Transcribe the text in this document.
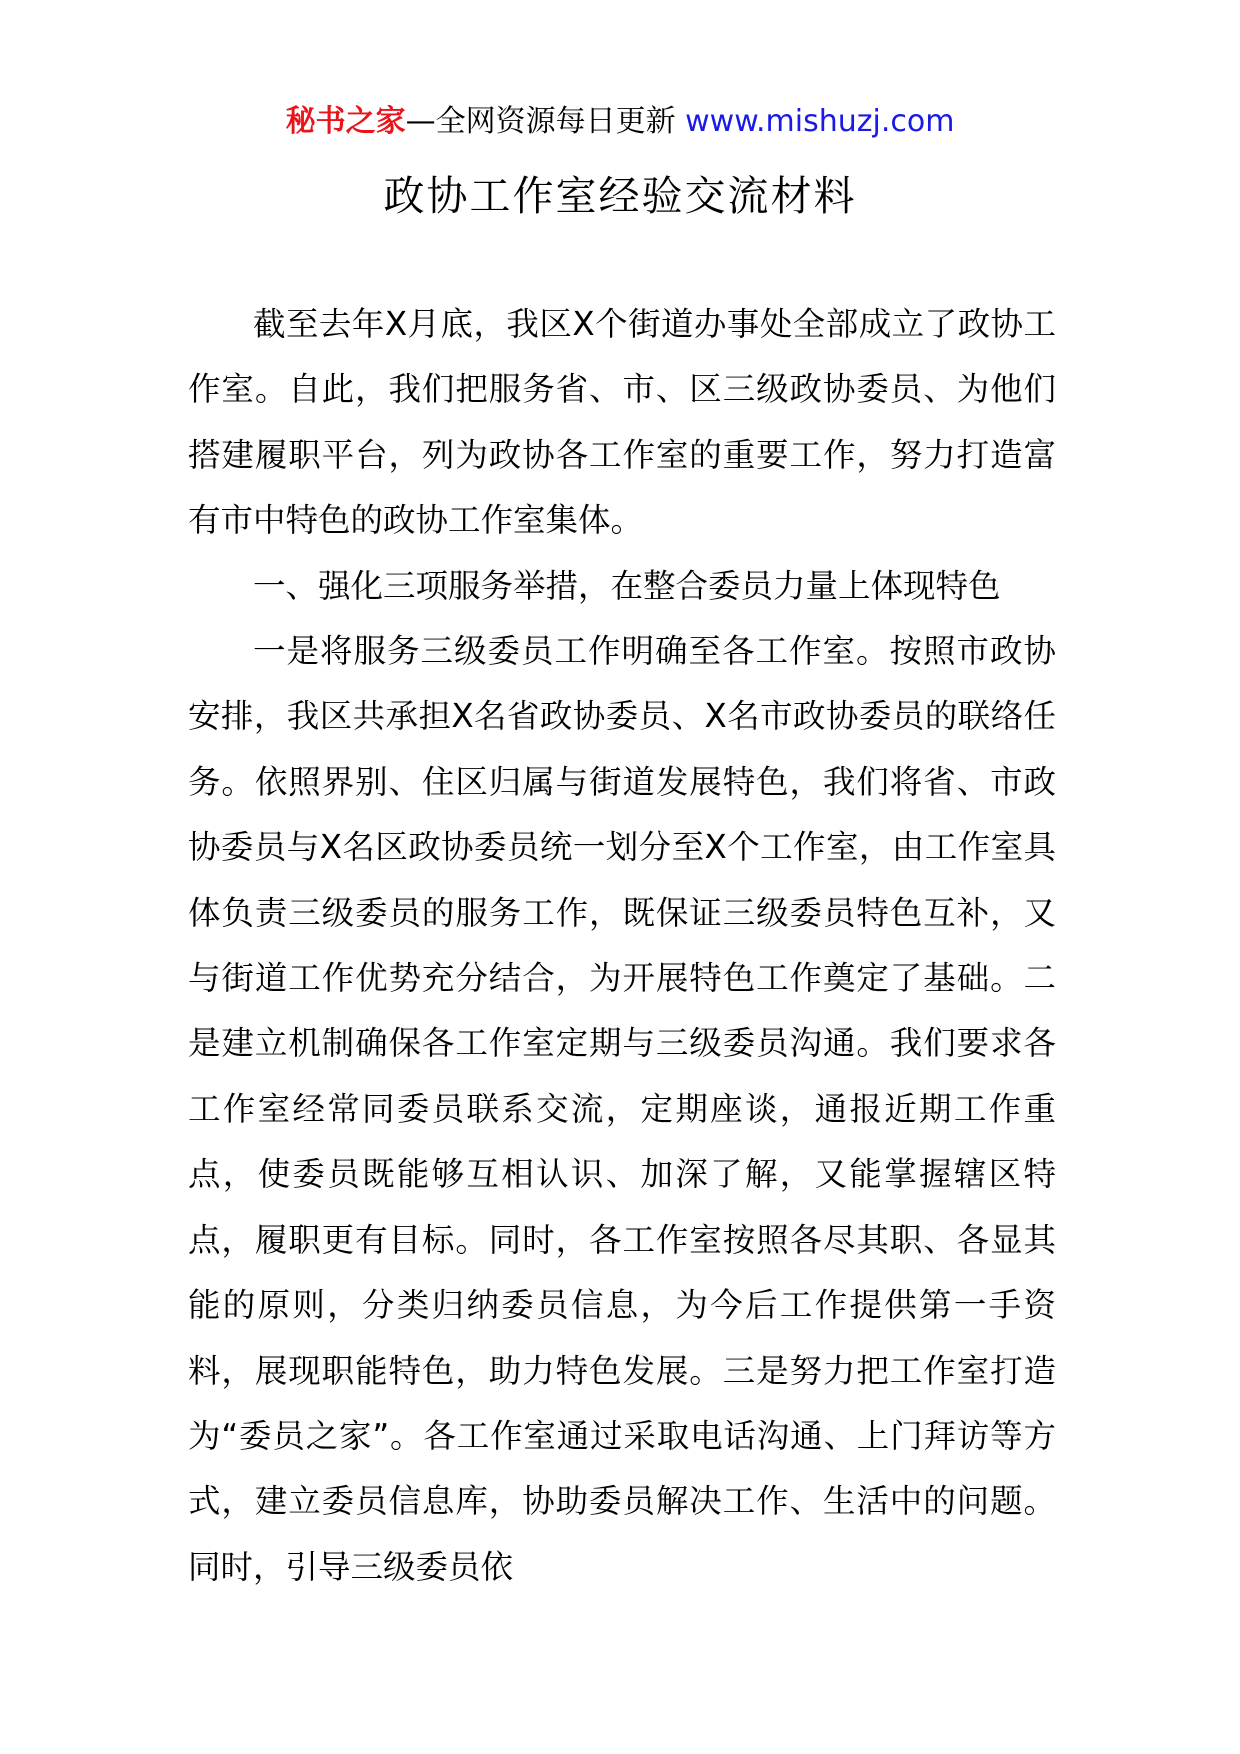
秘书之家—全网资源每日更新 www.mishuzj.com
政协工作室经验交流材料

截至去年X月底，我区X个街道办事处全部成立了政协工作室。自此，我们把服务省、市、区三级政协委员、为他们搭建履职平台，列为政协各工作室的重要工作，努力打造富有市中特色的政协工作室集体。

一、强化三项服务举措，在整合委员力量上体现特色

一是将服务三级委员工作明确至各工作室。按照市政协安排，我区共承担X名省政协委员、X名市政协委员的联络任务。依照界别、住区归属与街道发展特色，我们将省、市政协委员与X名区政协委员统一划分至X个工作室，由工作室具体负责三级委员的服务工作，既保证三级委员特色互补，又与街道工作优势充分结合，为开展特色工作奠定了基础。二是建立机制确保各工作室定期与三级委员沟通。我们要求各工作室经常同委员联系交流，定期座谈，通报近期工作重点，使委员既能够互相认识、加深了解，又能掌握辖区特点，履职更有目标。同时，各工作室按照各尽其职、各显其能的原则，分类归纳委员信息，为今后工作提供第一手资料，展现职能特色，助力特色发展。三是努力把工作室打造为“委员之家”。各工作室通过采取电话沟通、上门拜访等方式，建立委员信息库，协助委员解决工作、生活中的问题。同时，引导三级委员依
